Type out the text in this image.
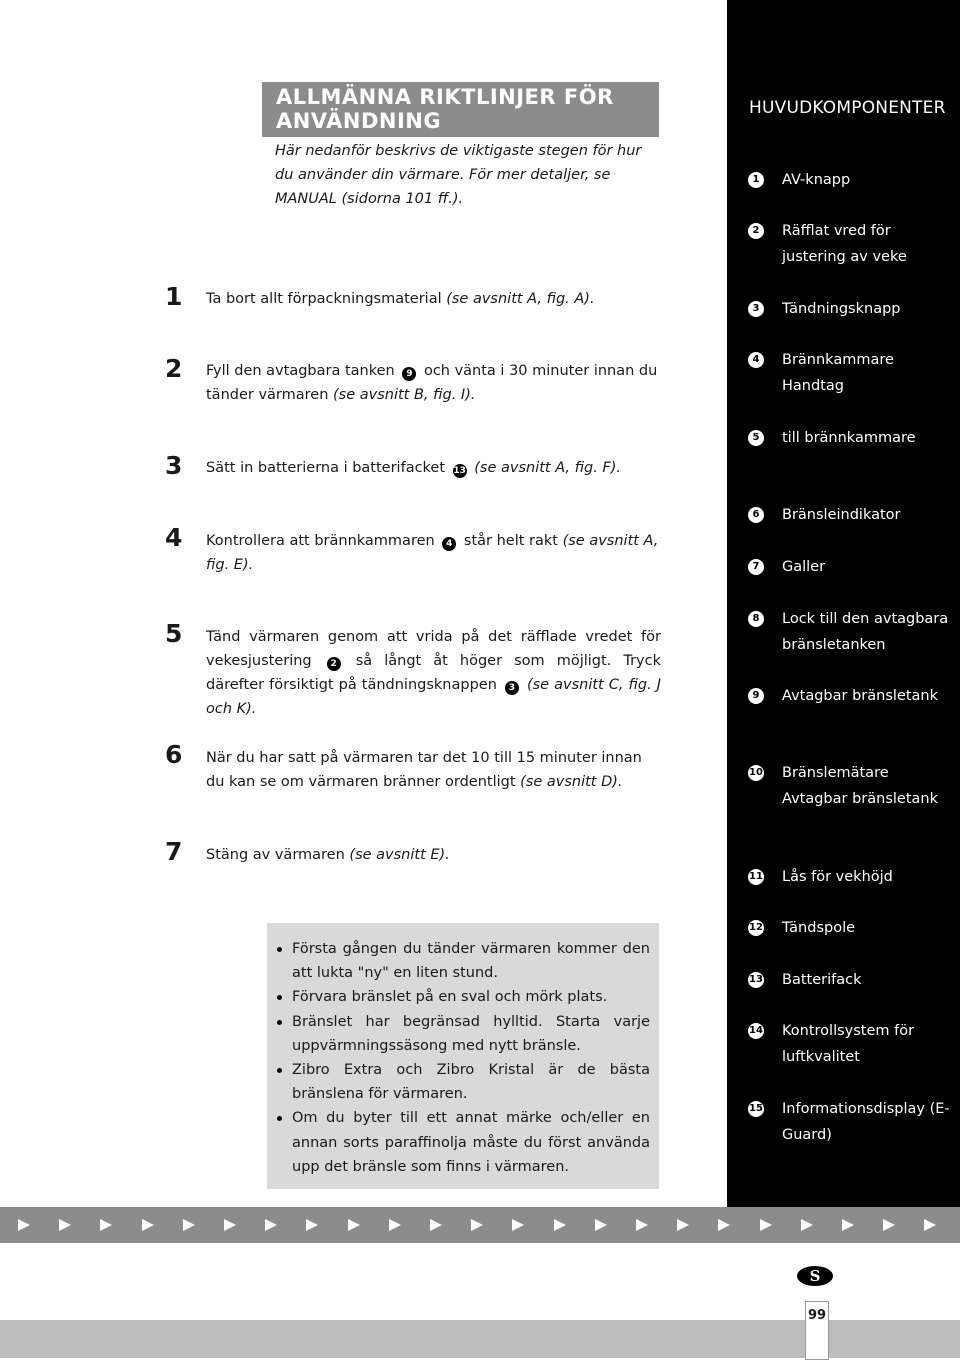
HUVUDKOMPONENTER
1	AV-knapp
2	Räfflat vred för justering av veke
3	Tändningsknapp
4	Brännkammare Handtag
5	till brännkammare
6	Bränsleindikator
7	Galler
8	Lock till den avtagbara bränsletanken
9	Avtagbar bränsletank
10 Bränslemätare Avtagbar bränsletank
11 Lås för vekhöjd
12 Tändspole
13 Batterifack
14 Kontrollsystem för luftkvalitet
15 Informationsdisplay (E-Guard)
ALLMÄNNA RIKTLINJER FÖR ANVÄNDNING
Här nedanför beskrivs de viktigaste stegen för hur du använder din värmare. För mer detaljer, se MANUAL (sidorna 101 ff.).
1 Ta bort allt förpackningsmaterial (se avsnitt A, fig. A).
2 Fyll den avtagbara tanken 9 och vänta i 30 minuter innan du tänder värmaren (se avsnitt B, fig. I).
3 Sätt in batterierna i batterifacket 13 (se avsnitt A, fig. F).
4 Kontrollera att brännkammaren 4 står helt rakt (se avsnitt A, fig. E).
5 Tänd värmaren genom att vrida på det räfflade vredet för vekesjustering 2 så långt åt höger som möjligt. Tryck därefter försiktigt på tändningsknappen 3 (se avsnitt C, fig. J och K).
6 När du har satt på värmaren tar det 10 till 15 minuter innan du kan se om värmaren bränner ordentligt (se avsnitt D).
7 Stäng av värmaren (se avsnitt E).
Första gången du tänder värmaren kommer den att lukta "ny" en liten stund.
Förvara bränslet på en sval och mörk plats.
Bränslet har begränsad hylltid. Starta varje uppvärmningssäsong med nytt bränsle.
Zibro Extra och Zibro Kristal är de bästa bränslena för värmaren.
Om du byter till ett annat märke och/eller en annan sorts paraffinolja måste du först använda upp det bränsle som finns i värmaren.
S
99
